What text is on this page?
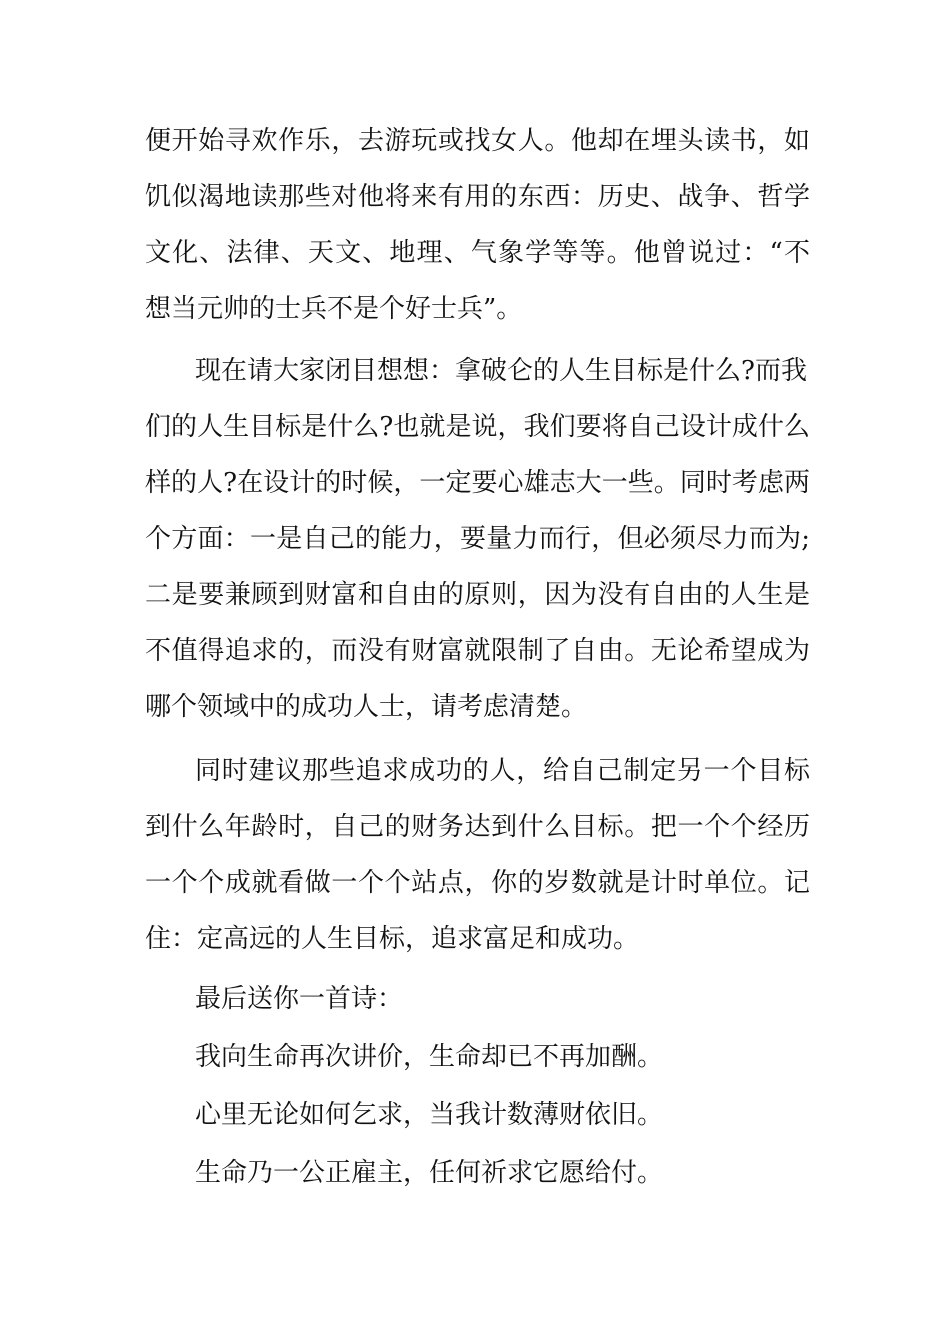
便开始寻欢作乐，去游玩或找女人。他却在埋头读书，如
饥似渴地读那些对他将来有用的东西：历史、战争、哲学
文化、法律、天文、地理、气象学等等。他曾说过：“不
想当元帅的士兵不是个好士兵”。
现在请大家闭目想想：拿破仑的人生目标是什么?而我
们的人生目标是什么?也就是说，我们要将自己设计成什么
样的人?在设计的时候，一定要心雄志大一些。同时考虑两
个方面：一是自己的能力，要量力而行，但必须尽力而为;
二是要兼顾到财富和自由的原则，因为没有自由的人生是
不值得追求的，而没有财富就限制了自由。无论希望成为
哪个领域中的成功人士，请考虑清楚。
同时建议那些追求成功的人，给自己制定另一个目标
到什么年龄时，自己的财务达到什么目标。把一个个经历
一个个成就看做一个个站点，你的岁数就是计时单位。记
住：定高远的人生目标，追求富足和成功。
最后送你一首诗：
我向生命再次讲价，生命却已不再加酬。
心里无论如何乞求，当我计数薄财依旧。
生命乃一公正雇主，任何祈求它愿给付。
